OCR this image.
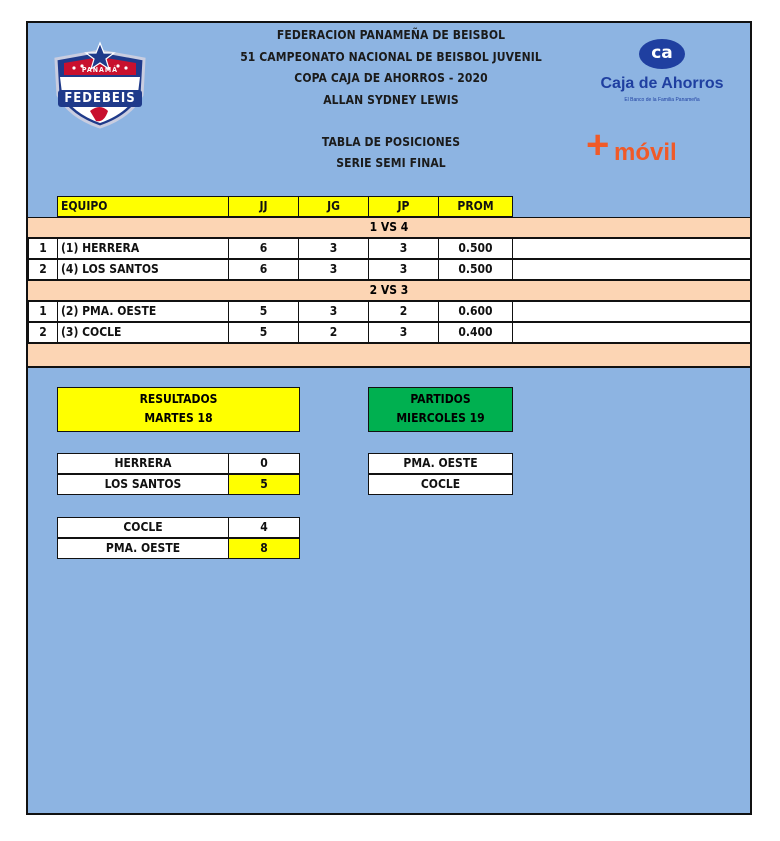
PANAMÁ
FEDEBEIS
FEDERACION PANAMEÑA DE BEISBOL
51 CAMPEONATO NACIONAL DE BEISBOL JUVENIL
COPA CAJA DE AHORROS - 2020
ALLAN SYDNEY LEWIS
TABLA DE POSICIONES
SERIE SEMI FINAL
ca
Caja de Ahorros
El Banco de la Familia Panameña
+ móvil
EQUIPO	JJ	JG	JP	PROM
1 VS 4
1	(1) HERRERA	6	3	3	0.500
2	(4) LOS SANTOS	6	3	3	0.500
2 VS 3
1	(2) PMA. OESTE	5	3	2	0.600
2	(3) COCLE	5	2	3	0.400
RESULTADOS
MARTES 18
PARTIDOS
MIERCOLES 19
HERRERA	0
LOS SANTOS	5
COCLE	4
PMA. OESTE	8
PMA. OESTE
COCLE
